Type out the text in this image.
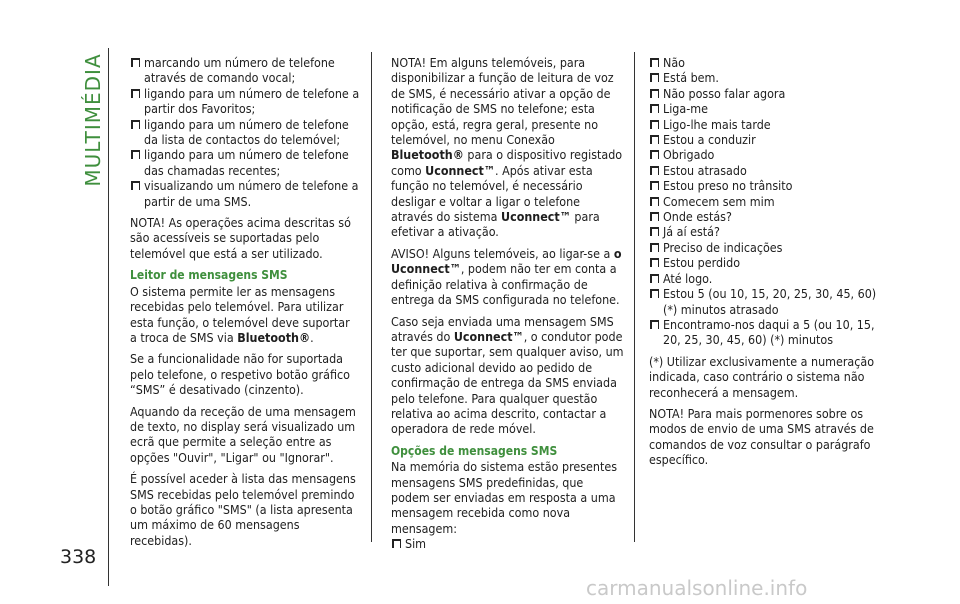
MULTIMÉDIA
338

marcando um número de telefone através de comando vocal;

ligando para um número de telefone a partir dos Favoritos;

ligando para um número de telefone da lista de contactos do telemóvel;

ligando para um número de telefone das chamadas recentes;

visualizando um número de telefone a partir de uma SMS.

NOTA! As operações acima descritas só são acessíveis se suportadas pelo telemóvel que está a ser utilizado.

Leitor de mensagens SMS

O sistema permite ler as mensagens recebidas pelo telemóvel. Para utilizar esta função, o telemóvel deve suportar a troca de SMS via Bluetooth®.

Se a funcionalidade não for suportada pelo telefone, o respetivo botão gráfico “SMS” é desativado (cinzento).

Aquando da receção de uma mensagem de texto, no display será visualizado um ecrã que permite a seleção entre as opções "Ouvir", "Ligar" ou "Ignorar".

É possível aceder à lista das mensagens SMS recebidas pelo telemóvel premindo o botão gráfico "SMS" (a lista apresenta um máximo de 60 mensagens recebidas).

NOTA! Em alguns telemóveis, para disponibilizar a função de leitura de voz de SMS, é necessário ativar a opção de notificação de SMS no telefone; esta opção, está, regra geral, presente no telemóvel, no menu Conexão Bluetooth® para o dispositivo registado como Uconnect™. Após ativar esta função no telemóvel, é necessário desligar e voltar a ligar o telefone através do sistema Uconnect™ para efetivar a ativação.

AVISO! Alguns telemóveis, ao ligar-se a o Uconnect™, podem não ter em conta a definição relativa à confirmação de entrega da SMS configurada no telefone.

Caso seja enviada uma mensagem SMS através do Uconnect™, o condutor pode ter que suportar, sem qualquer aviso, um custo adicional devido ao pedido de confirmação de entrega da SMS enviada pelo telefone. Para qualquer questão relativa ao acima descrito, contactar a operadora de rede móvel.

Opções de mensagens SMS

Na memória do sistema estão presentes mensagens SMS predefinidas, que podem ser enviadas em resposta a uma mensagem recebida como nova mensagem:

Sim

Não

Está bem.

Não posso falar agora

Liga-me

Ligo-lhe mais tarde

Estou a conduzir

Obrigado

Estou atrasado

Estou preso no trânsito

Comecem sem mim

Onde estás?

Já aí está?

Preciso de indicações

Estou perdido

Até logo.

Estou 5 (ou 10, 15, 20, 25, 30, 45, 60) (*) minutos atrasado

Encontramo-nos daqui a 5 (ou 10, 15, 20, 25, 30, 45, 60) (*) minutos

(*) Utilizar exclusivamente a numeração indicada, caso contrário o sistema não reconhecerá a mensagem.

NOTA! Para mais pormenores sobre os modos de envio de uma SMS através de comandos de voz consultar o parágrafo específico.

carmanualsonline.info
